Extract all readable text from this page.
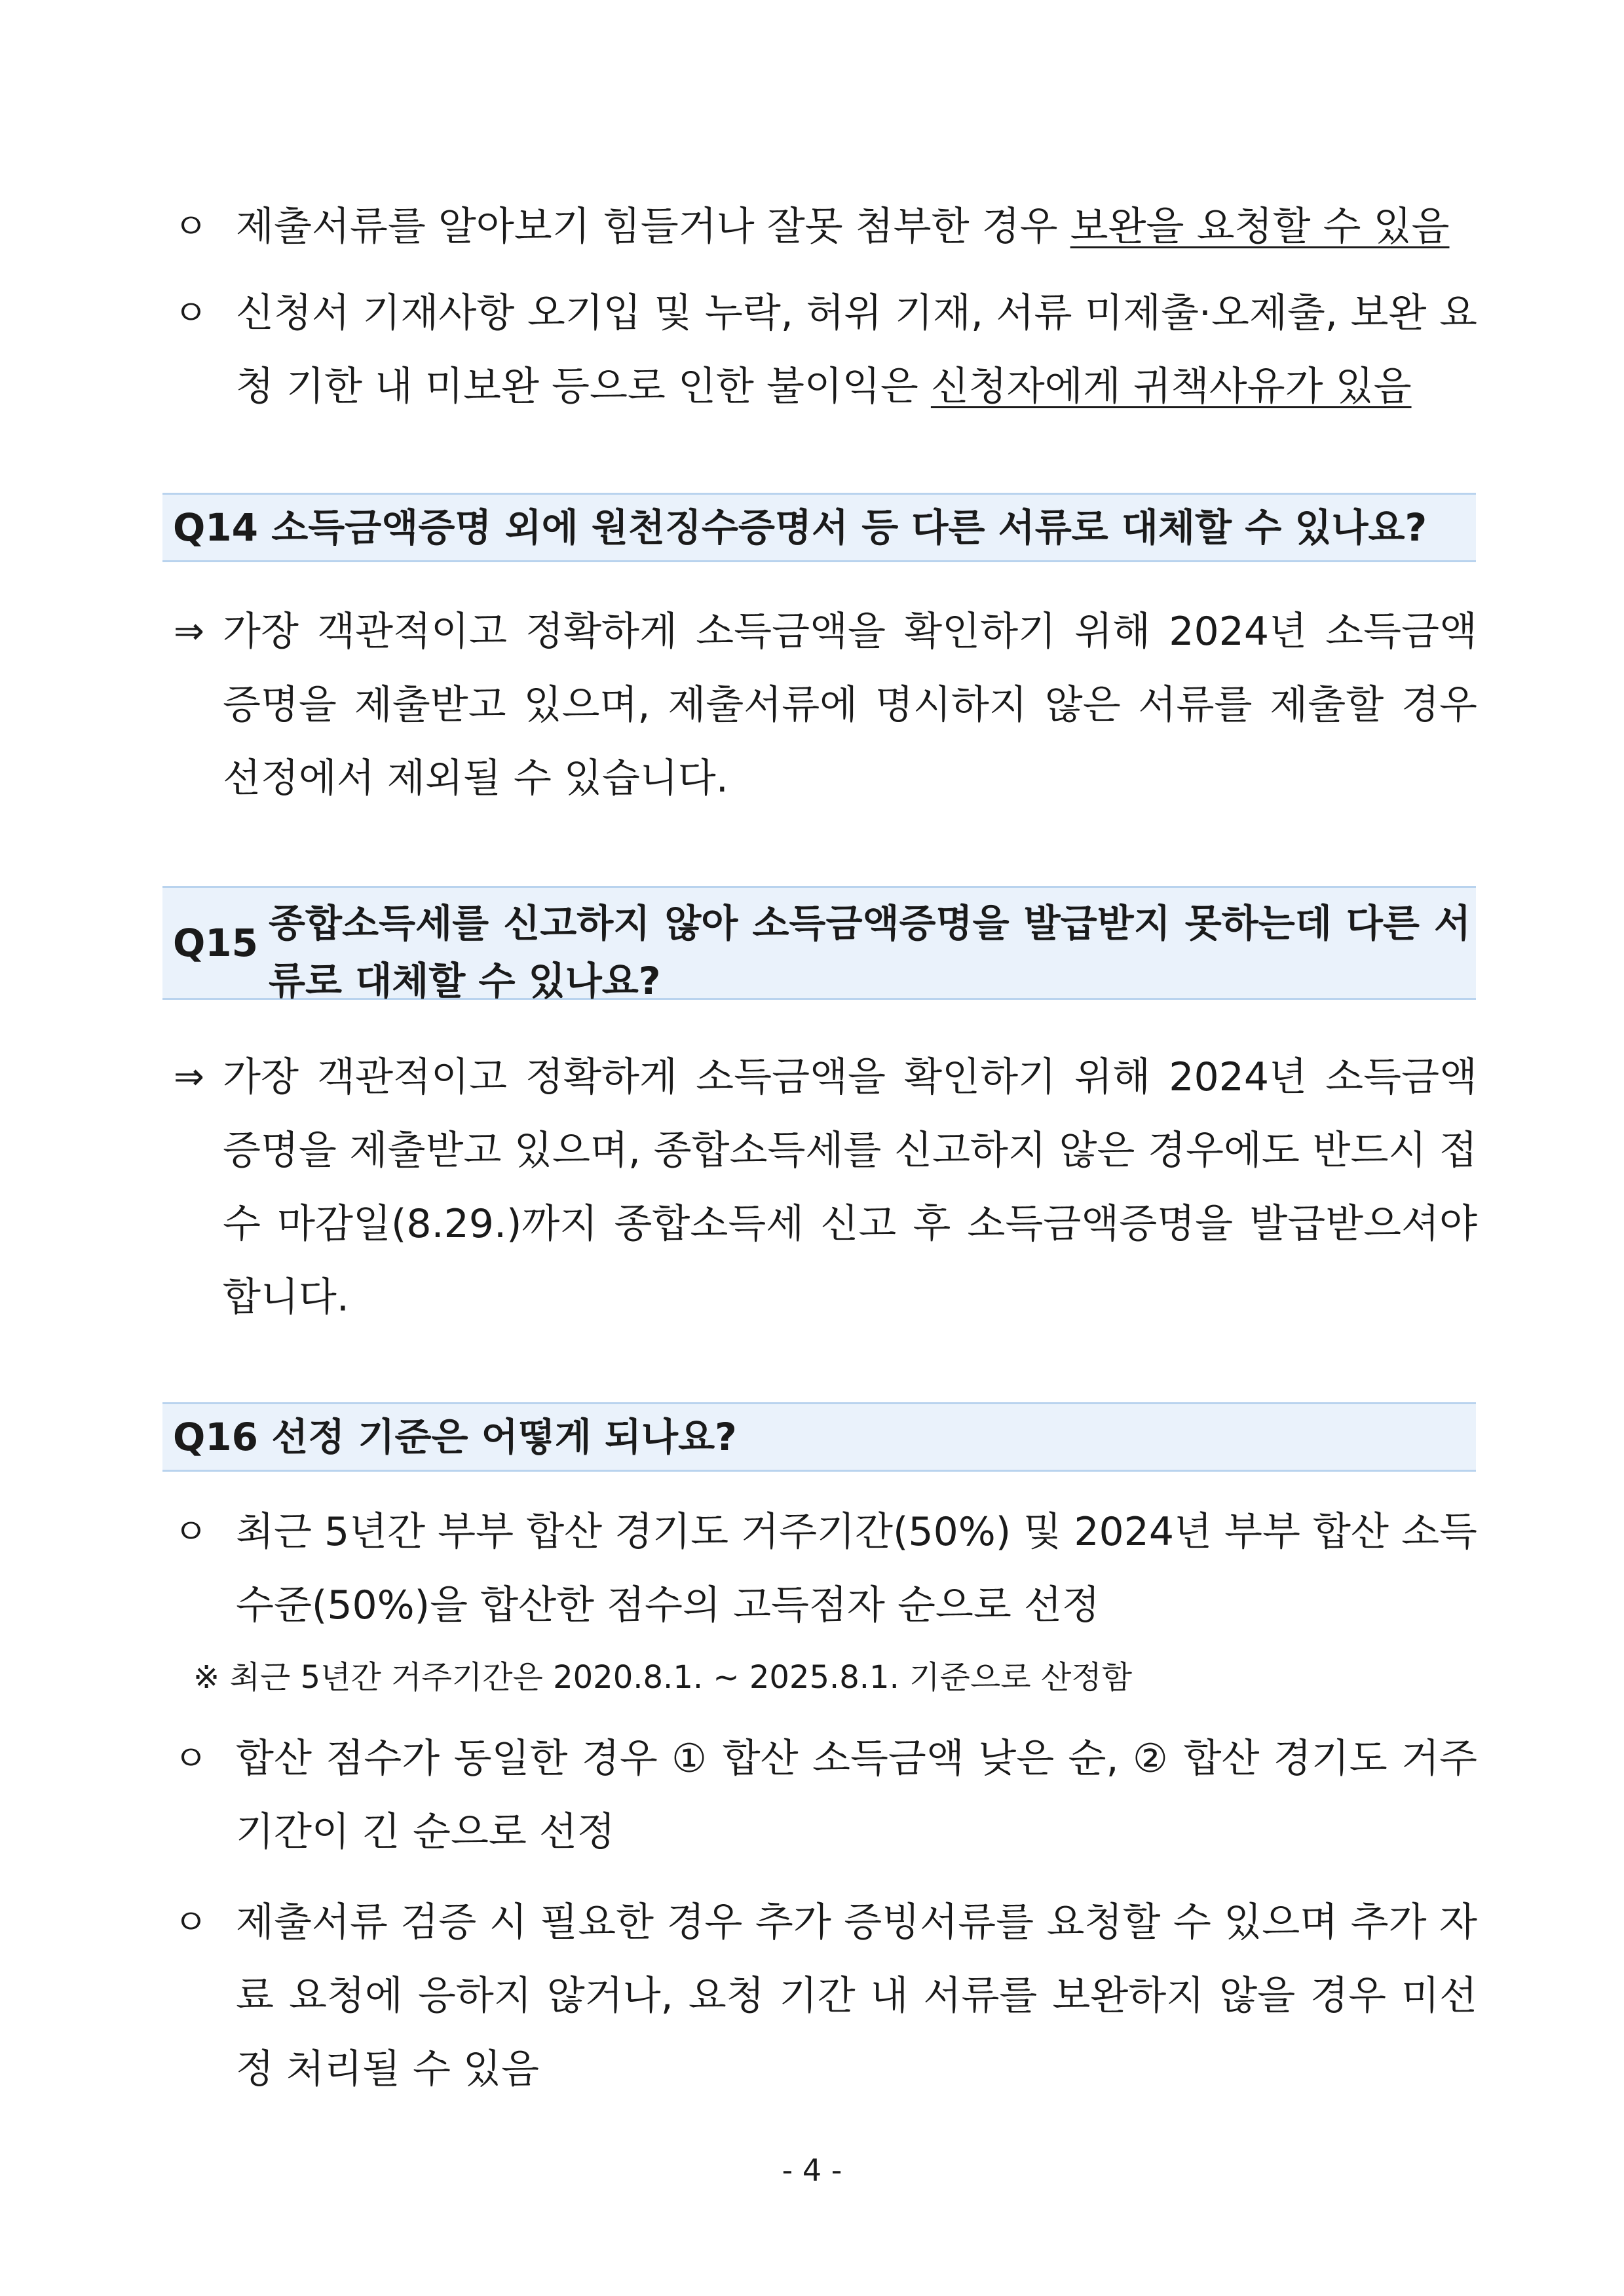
ㅇ 제출서류를 알아보기 힘들거나 잘못 첨부한 경우 보완을 요청할 수 있음
ㅇ 신청서 기재사항 오기입 및 누락, 허위 기재, 서류 미제출·오제출, 보완 요청 기한 내 미보완 등으로 인한 불이익은 신청자에게 귀책사유가 있음
Q14 소득금액증명 외에 원천징수증명서 등 다른 서류로 대체할 수 있나요?
⇒ 가장 객관적이고 정확하게 소득금액을 확인하기 위해 2024년 소득금액 증명을 제출받고 있으며, 제출서류에 명시하지 않은 서류를 제출할 경우 선정에서 제외될 수 있습니다.
Q15 종합소득세를 신고하지 않아 소득금액증명을 발급받지 못하는데 다른 서류로 대체할 수 있나요?
⇒ 가장 객관적이고 정확하게 소득금액을 확인하기 위해 2024년 소득금액 증명을 제출받고 있으며, 종합소득세를 신고하지 않은 경우에도 반드시 접수 마감일(8.29.)까지 종합소득세 신고 후 소득금액증명을 발급받으셔야 합니다.
Q16 선정 기준은 어떻게 되나요?
ㅇ 최근 5년간 부부 합산 경기도 거주기간(50%) 및 2024년 부부 합산 소득 수준(50%)을 합산한 점수의 고득점자 순으로 선정
※ 최근 5년간 거주기간은 2020.8.1. ~ 2025.8.1. 기준으로 산정함
ㅇ 합산 점수가 동일한 경우 ① 합산 소득금액 낮은 순, ② 합산 경기도 거주기간이 긴 순으로 선정
ㅇ 제출서류 검증 시 필요한 경우 추가 증빙서류를 요청할 수 있으며 추가 자료 요청에 응하지 않거나, 요청 기간 내 서류를 보완하지 않을 경우 미선정 처리될 수 있음
- 4 -
